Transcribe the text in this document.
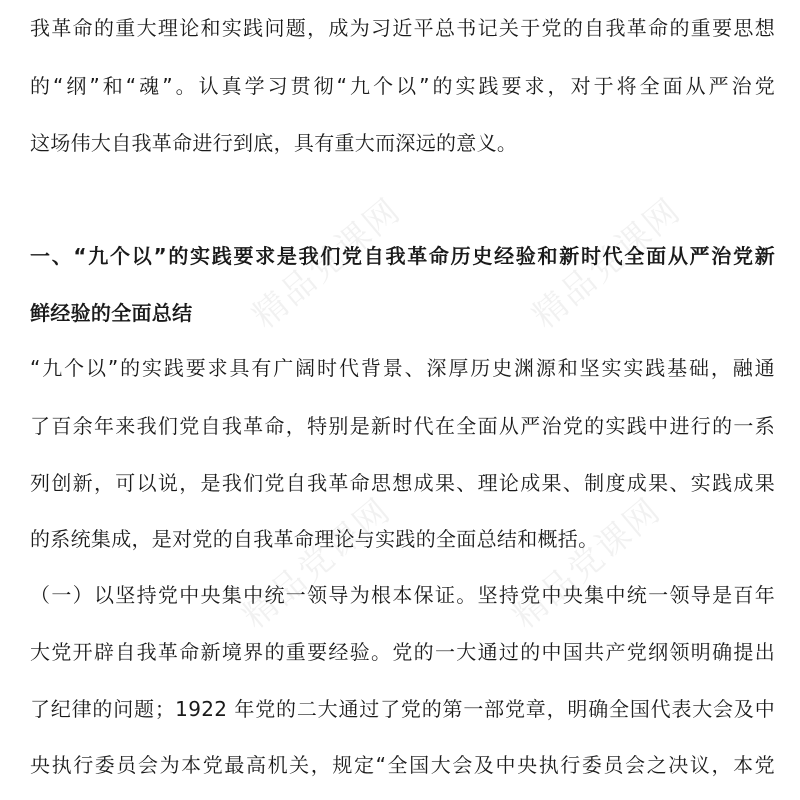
精品党课网	精品党课网
精品党课网	精品党课网
我革命的重大理论和实践问题，成为习近平总书记关于党的自我革命的重要思想
的“纲”和“魂”。认真学习贯彻“九个以”的实践要求，对于将全面从严治党
这场伟大自我革命进行到底，具有重大而深远的意义。
一、“九个以”的实践要求是我们党自我革命历史经验和新时代全面从严治党新
鲜经验的全面总结
“九个以”的实践要求具有广阔时代背景、深厚历史渊源和坚实实践基础，融通
了百余年来我们党自我革命，特别是新时代在全面从严治党的实践中进行的一系
列创新，可以说，是我们党自我革命思想成果、理论成果、制度成果、实践成果
的系统集成，是对党的自我革命理论与实践的全面总结和概括。
（一）以坚持党中央集中统一领导为根本保证。坚持党中央集中统一领导是百年
大党开辟自我革命新境界的重要经验。党的一大通过的中国共产党纲领明确提出
了纪律的问题；1922 年党的二大通过了党的第一部党章，明确全国代表大会及中
央执行委员会为本党最高机关，规定“全国大会及中央执行委员会之决议，本党
